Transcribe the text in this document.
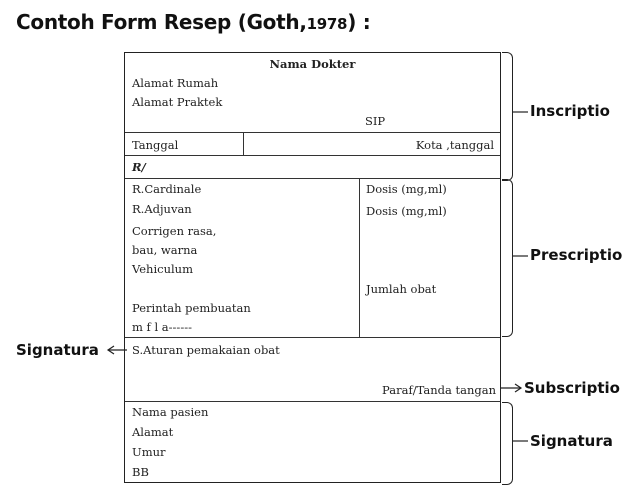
Contoh Form Resep (Goth,1978) :
Nama Dokter
Alamat Rumah
Alamat Praktek
SIP
Tanggal	Kota ,tanggal
R/
R.Cardinale
R.Adjuvan
Corrigen rasa,
bau, warna
Vehiculum
Perintah pembuatan
m f l a------
Dosis (mg,ml)
Dosis (mg,ml)
Jumlah obat
S.Aturan pemakaian obat
Paraf/Tanda tangan
Nama pasien
Alamat
Umur
BB
Inscriptio
Prescriptio
Signatura
Subscriptio
Signatura
